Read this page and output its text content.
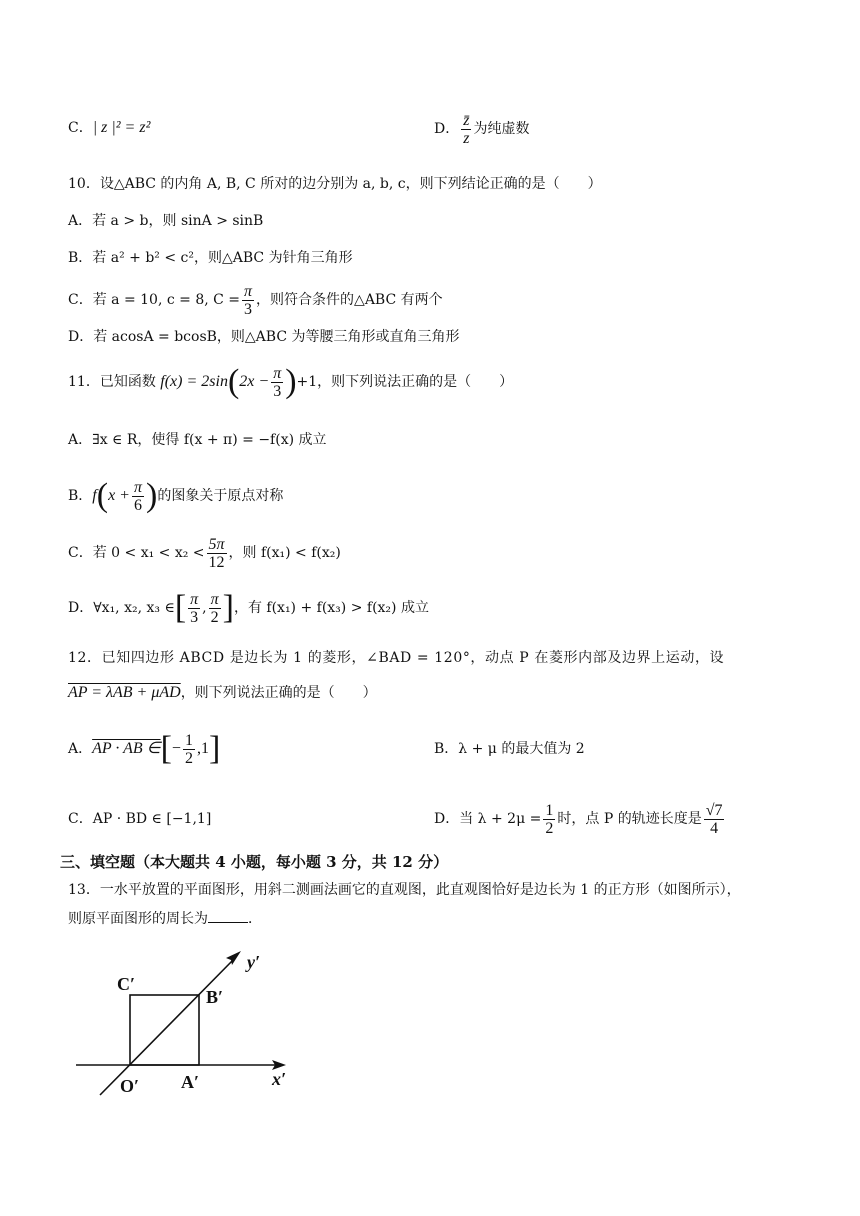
C．| z |² = z²	D． $\frac{z̄}{z}$ 为纯虚数
10．设△ABC 的内角 A, B, C 所对的边分别为 a, b, c，则下列结论正确的是（　　）
A．若 a > b，则 sinA > sinB
B．若 a² + b² < c²，则△ABC 为针角三角形
C．若 a = 10, c = 8, $C = \frac{\pi}{3}$ ，则符合条件的△ABC 有两个
D．若 acosA = bcosB，则△ABC 为等腰三角形或直角三角形
11．已知函数 $f(x) = 2\sin(2x - \frac{\pi}{3} )+1$，则下列说法正确的是（　　）
A．∃x ∈ R，使得 f(x + π) = −f(x) 成立
B．$f(x + \frac{\pi}{6}$ )的图象关于原点对称
C．若 $0 < x_1 < x_2 < \frac{5\pi}{12}$ ，则 f(x₁) < f(x₂)
D．∀x₁, x₂, x₃ ∈[ $\frac{\pi}{3}$ , $\frac{\pi}{2}$ ]，有 f(x₁) + f(x₃) > f(x₂) 成立
12．已知四边形 ABCD 是边长为 1 的菱形，∠BAD = 120°，动点 P 在菱形内部及边界上运动，设
AP = λAB + μAD，则下列说法正确的是（　　）
A．AP · AB ∈[− $\frac{1}{2} ,1$]	B．λ + μ 的最大值为 2
C．AP · BD ∈ [−1,1]	D．当 $\lambda + 2\mu = \frac{1}{2}$ 时，点 P 的轨迹长度是 $\frac{√7}{4}$
三、填空题（本大题共 4 小题，每小题 3 分，共 12 分）
13．一水平放置的平面图形，用斜二测画法画它的直观图，此直观图恰好是边长为 1 的正方形（如图所示），
则原平面图形的周长为	．
C′
B′
O′ A′	x′
y′
